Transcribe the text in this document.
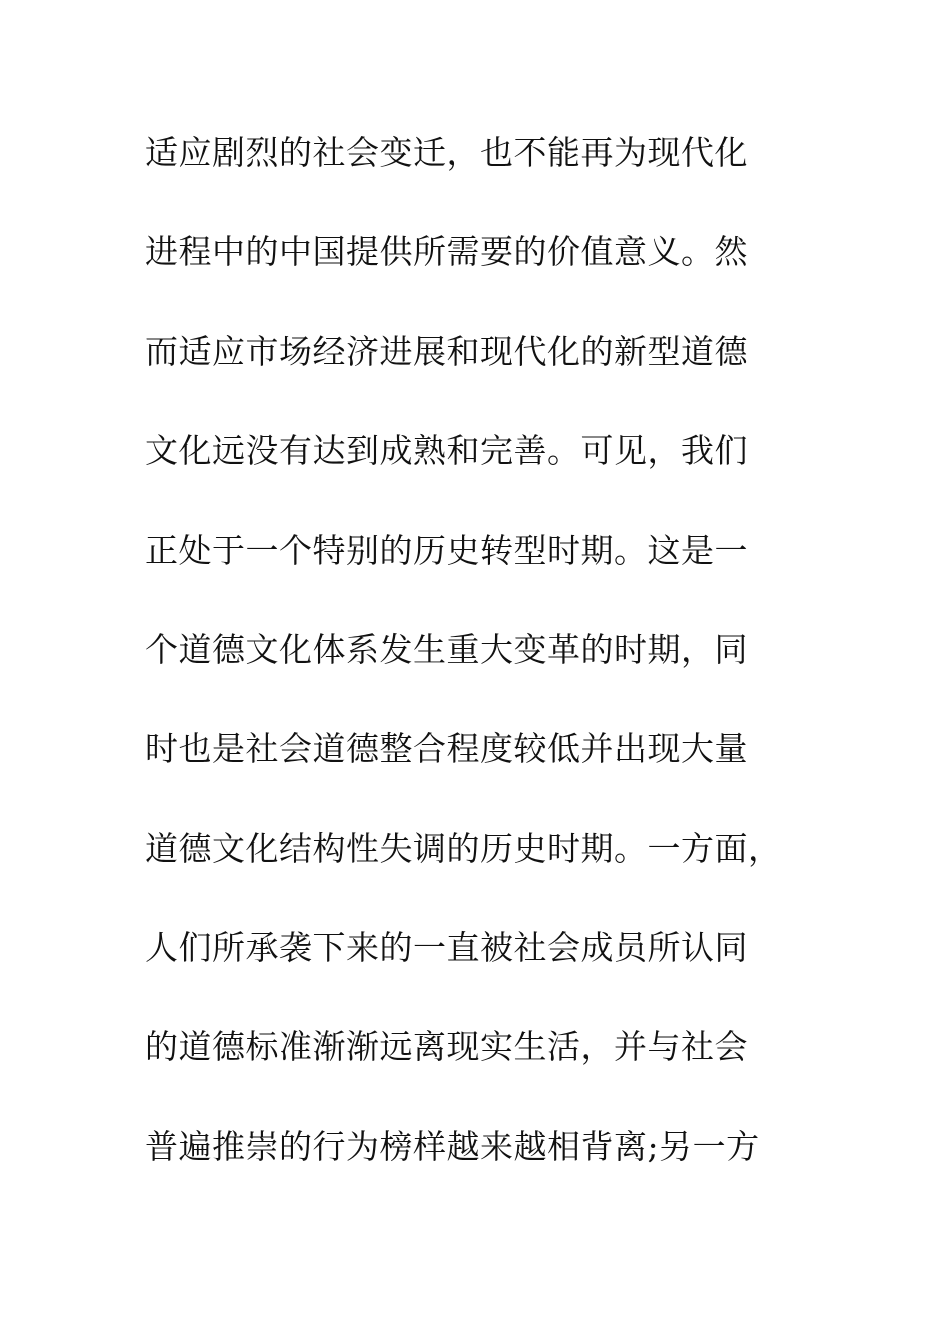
适应剧烈的社会变迁，也不能再为现代化
进程中的中国提供所需要的价值意义。然
而适应市场经济进展和现代化的新型道德
文化远没有达到成熟和完善。可见，我们
正处于一个特别的历史转型时期。这是一
个道德文化体系发生重大变革的时期，同
时也是社会道德整合程度较低并出现大量
道德文化结构性失调的历史时期。一方面，
人们所承袭下来的一直被社会成员所认同
的道德标准渐渐远离现实生活，并与社会
普遍推崇的行为榜样越来越相背离;另一方
